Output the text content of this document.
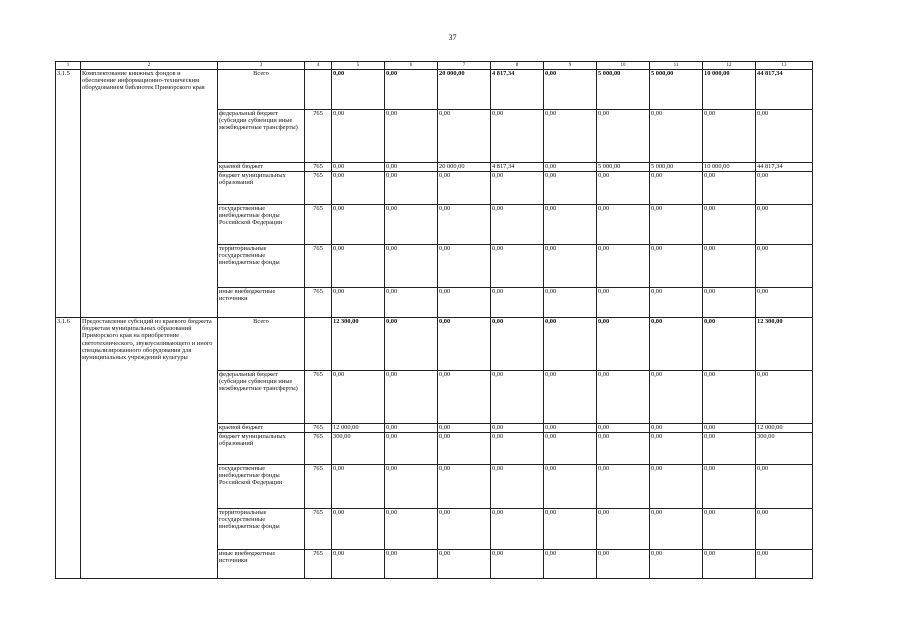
37
1	2	3	4	5	6	7	8	9	10	11	12	13
3.1.5	Комплектование книжных фондов и обеспечение информационно-техническим оборудованием библиотек Приморского края	Всего		0,00	0,00	20 000,00	4 817,34	0,00	5 000,00	5 000,00	10 000,00	44 817,34
		федеральный бюджет (субсидии субвенции иные межбюджетные трансферты)	765	0,00	0,00	0,00	0,00	0,00	0,00	0,00	0,00	0,00
		краевой бюджет	765	0,00	0,00	20 000,00	4 817,34	0,00	5 000,00	5 000,00	10 000,00	44 817,34
		бюджет муниципальных образований	765	0,00	0,00	0,00	0,00	0,00	0,00	0,00	0,00	0,00
		государственные внебюджетные фонды Российской Федерации	765	0,00	0,00	0,00	0,00	0,00	0,00	0,00	0,00	0,00
		территориальные государственные внебюджетные фонды	765	0,00	0,00	0,00	0,00	0,00	0,00	0,00	0,00	0,00
		иные внебюджетные источники	765	0,00	0,00	0,00	0,00	0,00	0,00	0,00	0,00	0,00
3.1.6	Предоставление субсидий из краевого бюджета бюджетам муниципальных образований Приморского края на приобретение светотехнического, звукоусиливающего и иного специализированного оборудования для муниципальных учреждений культуры	Всего		12 300,00	0,00	0,00	0,00	0,00	0,00	0,00	0,00	12 300,00
		федеральный бюджет (субсидии субвенции иные межбюджетные трансферты)	765	0,00	0,00	0,00	0,00	0,00	0,00	0,00	0,00	0,00
		краевой бюджет	765	12 000,00	0,00	0,00	0,00	0,00	0,00	0,00	0,00	12 000,00
		бюджет муниципальных образований	765	300,00	0,00	0,00	0,00	0,00	0,00	0,00	0,00	300,00
		государственные внебюджетные фонды Российской Федерации	765	0,00	0,00	0,00	0,00	0,00	0,00	0,00	0,00	0,00
		территориальные государственные внебюджетные фонды	765	0,00	0,00	0,00	0,00	0,00	0,00	0,00	0,00	0,00
		иные внебюджетные источники	765	0,00	0,00	0,00	0,00	0,00	0,00	0,00	0,00	0,00
